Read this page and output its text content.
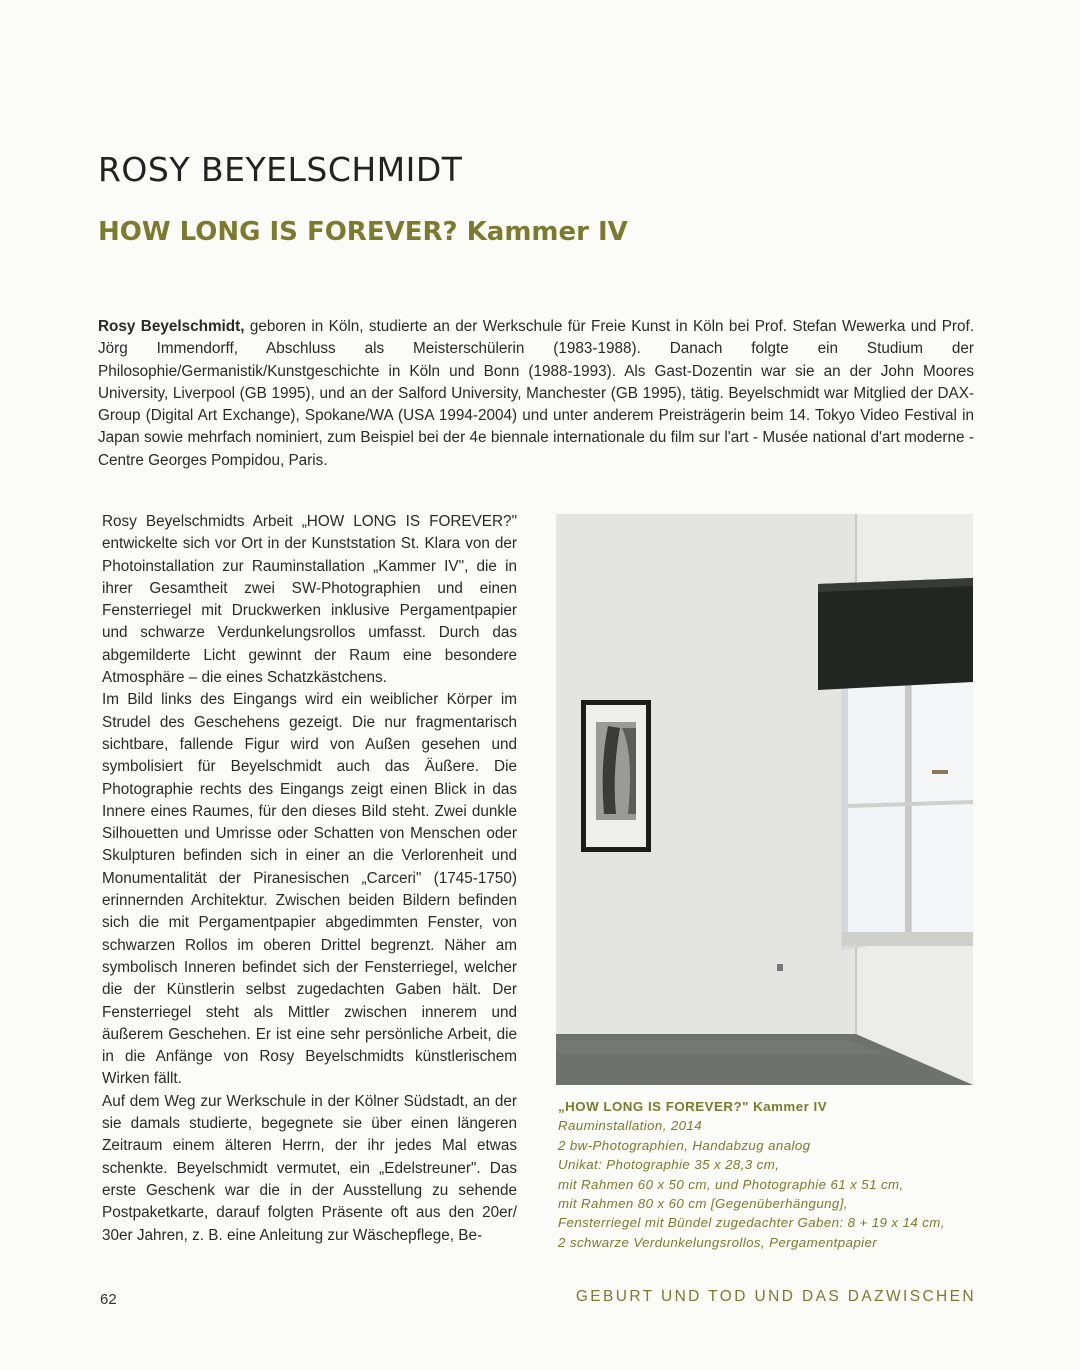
ROSY BEYELSCHMIDT
HOW LONG IS FOREVER? Kammer IV
Rosy Beyelschmidt, geboren in Köln, studierte an der Werkschule für Freie Kunst in Köln bei Prof. Stefan Wewerka und Prof. Jörg Immendorff, Abschluss als Meisterschülerin (1983-1988). Danach folgte ein Studium der Philosophie/Germanistik/Kunstgeschichte in Köln und Bonn (1988-1993). Als Gast-Dozentin war sie an der John Moores University, Liverpool (GB 1995), und an der Salford University, Manchester (GB 1995), tätig. Beyelschmidt war Mitglied der DAX-Group (Digital Art Exchange), Spokane/WA (USA 1994-2004) und unter anderem Preisträgerin beim 14. Tokyo Video Festival in Japan sowie mehrfach nominiert, zum Beispiel bei der 4e biennale internationale du film sur l'art - Musée national d'art moderne - Centre Georges Pompidou, Paris.

Rosy Beyelschmidts Arbeit „HOW LONG IS FOREVER?" entwickelte sich vor Ort in der Kunststation St. Klara von der Photoinstallation zur Rauminstallation „Kammer IV", die in ihrer Gesamtheit zwei SW-Photographien und einen Fensterriegel mit Druckwerken inklusive Pergamentpapier und schwarze Verdunkelungsrollos umfasst. Durch das abgemilderte Licht gewinnt der Raum eine besondere Atmosphäre – die eines Schatzkästchens.

Im Bild links des Eingangs wird ein weiblicher Körper im Strudel des Geschehens gezeigt. Die nur fragmentarisch sichtbare, fallende Figur wird von Außen gesehen und symbolisiert für Beyelschmidt auch das Äußere. Die Photographie rechts des Eingangs zeigt einen Blick in das Innere eines Raumes, für den dieses Bild steht. Zwei dunkle Silhouetten und Umrisse oder Schatten von Menschen oder Skulpturen befinden sich in einer an die Verlorenheit und Monumentalität der Piranesischen „Carceri" (1745-1750) erinnernden Architektur. Zwischen beiden Bildern befinden sich die mit Pergamentpapier abgedimmten Fenster, von schwarzen Rollos im oberen Drittel begrenzt. Näher am symbolisch Inneren befindet sich der Fensterriegel, welcher die der Künstlerin selbst zugedachten Gaben hält. Der Fensterriegel steht als Mittler zwischen innerem und äußerem Geschehen. Er ist eine sehr persönliche Arbeit, die in die Anfänge von Rosy Beyelschmidts künstlerischem Wirken fällt.

Auf dem Weg zur Werkschule in der Kölner Südstadt, an der sie damals studierte, begegnete sie über einen längeren Zeitraum einem älteren Herrn, der ihr jedes Mal etwas schenkte. Beyelschmidt vermutet, ein „Edelstreuner". Das erste Geschenk war die in der Ausstellung zu sehende Postpaketkarte, darauf folgten Präsente oft aus den 20er/ 30er Jahren, z. B. eine Anleitung zur Wäschepflege, Be-

„HOW LONG IS FOREVER?" Kammer IV
Rauminstallation, 2014
2 bw-Photographien, Handabzug analog
Unikat: Photographie 35 x 28,3 cm,
mit Rahmen 60 x 50 cm, und Photographie 61 x 51 cm,
mit Rahmen 80 x 60 cm [Gegenüberhängung],
Fensterriegel mit Bündel zugedachter Gaben: 8 + 19 x 14 cm,
2 schwarze Verdunkelungsrollos, Pergamentpapier
62	GEBURT UND TOD UND DAS DAZWISCHEN
